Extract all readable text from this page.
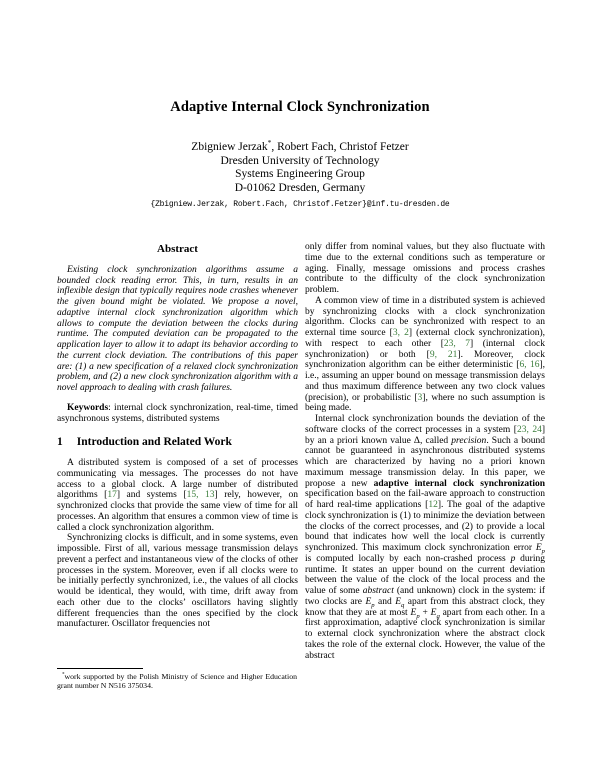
Adaptive Internal Clock Synchronization
Zbigniew Jerzak*, Robert Fach, Christof Fetzer
Dresden University of Technology
Systems Engineering Group
D-01062 Dresden, Germany
{Zbigniew.Jerzak, Robert.Fach, Christof.Fetzer}@inf.tu-dresden.de
Abstract

Existing clock synchronization algorithms assume a bounded clock reading error. This, in turn, results in an inflexible design that typically requires node crashes whenever the given bound might be violated. We propose a novel, adaptive internal clock synchronization algorithm which allows to compute the deviation between the clocks during runtime. The computed deviation can be propagated to the application layer to allow it to adapt its behavior according to the current clock deviation. The contributions of this paper are: (1) a new specification of a relaxed clock synchronization problem, and (2) a new clock synchronization algorithm with a novel approach to dealing with crash failures.

Keywords: internal clock synchronization, real-time, timed asynchronous systems, distributed systems

1 Introduction and Related Work

A distributed system is composed of a set of processes communicating via messages. The processes do not have access to a global clock. A large number of distributed algorithms [17] and systems [15, 13] rely, however, on synchronized clocks that provide the same view of time for all processes. An algorithm that ensures a common view of time is called a clock synchronization algorithm.

Synchronizing clocks is difficult, and in some systems, even impossible. First of all, various message transmission delays prevent a perfect and instantaneous view of the clocks of other processes in the system. Moreover, even if all clocks were to be initially perfectly synchronized, i.e., the values of all clocks would be identical, they would, with time, drift away from each other due to the clocks’ oscillators having slightly different frequencies than the ones specified by the clock manufacturer. Oscillator frequencies not

*work supported by the Polish Ministry of Science and Higher Education grant number N N516 375034.

only differ from nominal values, but they also fluctuate with time due to the external conditions such as temperature or aging. Finally, message omissions and process crashes contribute to the difficulty of the clock synchronization problem.

A common view of time in a distributed system is achieved by synchronizing clocks with a clock synchronization algorithm. Clocks can be synchronized with respect to an external time source [3, 2] (external clock synchronization), with respect to each other [23, 7] (internal clock synchronization) or both [9, 21]. Moreover, clock synchronization algorithm can be either deterministic [6, 16], i.e., assuming an upper bound on message transmission delays and thus maximum difference between any two clock values (precision), or probabilistic [3], where no such assumption is being made.

Internal clock synchronization bounds the deviation of the software clocks of the correct processes in a system [23, 24] by an a priori known value Δ, called precision. Such a bound cannot be guaranteed in asynchronous distributed systems which are characterized by having no a priori known maximum message transmission delay. In this paper, we propose a new adaptive internal clock synchronization specification based on the fail-aware approach to construction of hard real-time applications [12]. The goal of the adaptive clock synchronization is (1) to minimize the deviation between the clocks of the correct processes, and (2) to provide a local bound that indicates how well the local clock is currently synchronized. This maximum clock synchronization error $E_p$ is computed locally by each non-crashed process p during runtime. It states an upper bound on the current deviation between the value of the clock of the local process and the value of some abstract (and unknown) clock in the system: if two clocks are $E_p$ and $E_q$ apart from this abstract clock, they know that they are at most $E_p + E_q$ apart from each other. In a first approximation, adaptive clock synchronization is similar to external clock synchronization where the abstract clock takes the role of the external clock. However, the value of the abstract
